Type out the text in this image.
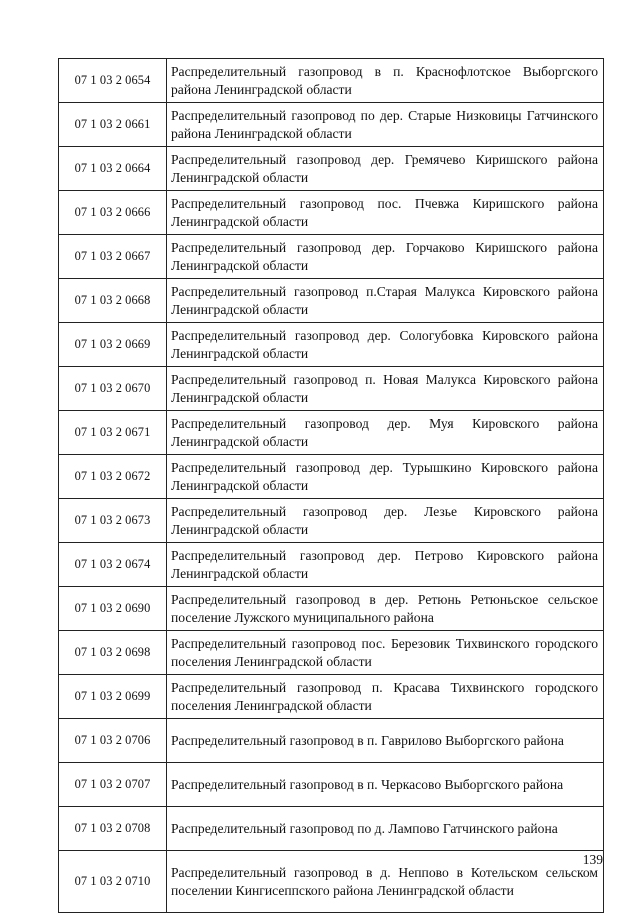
07 1 03 2 0654	Распределительный газопровод в п. Краснофлотское Выборгского района Ленинградской области
07 1 03 2 0661	Распределительный газопровод по дер. Старые Низковицы Гатчинского района Ленинградской области
07 1 03 2 0664	Распределительный газопровод дер. Гремячево Киришского района Ленинградской области
07 1 03 2 0666	Распределительный газопровод пос. Пчевжа Киришского района Ленинградской области
07 1 03 2 0667	Распределительный газопровод дер. Горчаково Киришского района Ленинградской области
07 1 03 2 0668	Распределительный газопровод п.Старая Малукса Кировского района Ленинградской области
07 1 03 2 0669	Распределительный газопровод дер. Сологубовка Кировского района Ленинградской области
07 1 03 2 0670	Распределительный газопровод п. Новая Малукса Кировского района Ленинградской области
07 1 03 2 0671	Распределительный газопровод дер. Муя Кировского района Ленинградской области
07 1 03 2 0672	Распределительный газопровод дер. Турышкино Кировского района Ленинградской области
07 1 03 2 0673	Распределительный газопровод дер. Лезье Кировского района Ленинградской области
07 1 03 2 0674	Распределительный газопровод дер. Петрово Кировского района Ленинградской области
07 1 03 2 0690	Распределительный газопровод в дер. Ретюнь Ретюньское сельское поселение Лужского муниципального района
07 1 03 2 0698	Распределительный газопровод пос. Березовик Тихвинского городского поселения Ленинградской области
07 1 03 2 0699	Распределительный газопровод п. Красава Тихвинского городского поселения Ленинградской области
07 1 03 2 0706	Распределительный газопровод в п. Гаврилово Выборгского района
07 1 03 2 0707	Распределительный газопровод в п. Черкасово Выборгского района
07 1 03 2 0708	Распределительный газопровод по д. Лампово Гатчинского района
07 1 03 2 0710	Распределительный газопровод в д. Неппово в Котельском сельском поселении Кингисеппского района Ленинградской области
139
